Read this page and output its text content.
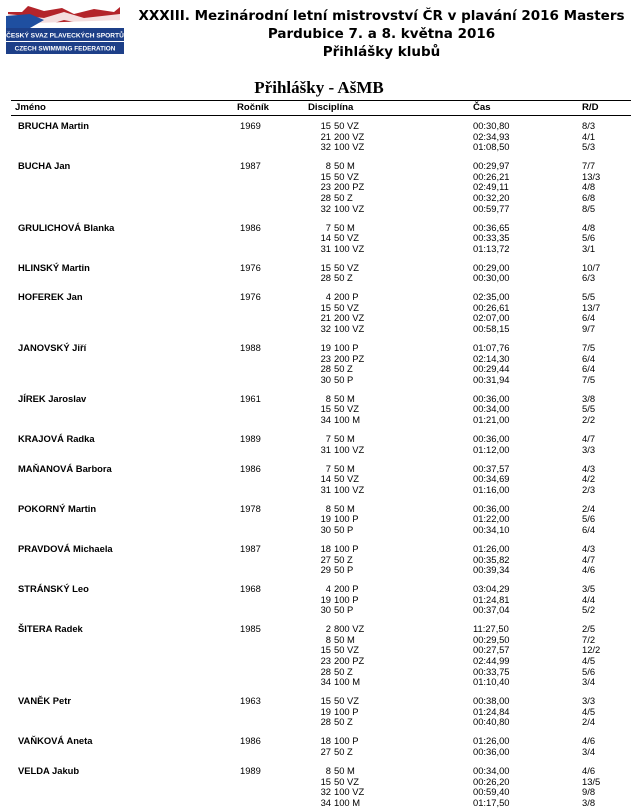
ČESKÝ SVAZ PLAVECKÝCH SPORTŮ
CZECH SWIMMING FEDERATION
XXXIII. Mezinárodní letní mistrovství ČR v plavání 2016 Masters
Pardubice 7. a 8. května 2016
Přihlášky klubů
Přihlášky - AšMB
Jméno	Ročník	Disciplína	Čas	R/D
BRUCHA Martin	1969	15 50 VZ	00:30,80	8/3
21 200 VZ	02:34,93	4/1
32 100 VZ	01:08,50	5/3
BUCHA Jan	1987	8 50 M	00:29,97	7/7
15 50 VZ	00:26,21	13/3
23 200 PZ	02:49,11	4/8
28 50 Z	00:32,20	6/8
32 100 VZ	00:59,77	8/5
GRULICHOVÁ Blanka	1986	7 50 M	00:36,65	4/8
14 50 VZ	00:33,35	5/6
31 100 VZ	01:13,72	3/1
HLINSKÝ Martin	1976	15 50 VZ	00:29,00	10/7
28 50 Z	00:30,00	6/3
HOFEREK Jan	1976	4 200 P	02:35,00	5/5
15 50 VZ	00:26,61	13/7
21 200 VZ	02:07,00	6/4
32 100 VZ	00:58,15	9/7
JANOVSKÝ Jiří	1988	19 100 P	01:07,76	7/5
23 200 PZ	02:14,30	6/4
28 50 Z	00:29,44	6/4
30 50 P	00:31,94	7/5
JÍREK Jaroslav	1961	8 50 M	00:36,00	3/8
15 50 VZ	00:34,00	5/5
34 100 M	01:21,00	2/2
KRAJOVÁ Radka	1989	7 50 M	00:36,00	4/7
31 100 VZ	01:12,00	3/3
MAŇANOVÁ Barbora	1986	7 50 M	00:37,57	4/3
14 50 VZ	00:34,69	4/2
31 100 VZ	01:16,00	2/3
POKORNÝ Martin	1978	8 50 M	00:36,00	2/4
19 100 P	01:22,00	5/6
30 50 P	00:34,10	6/4
PRAVDOVÁ Michaela	1987	18 100 P	01:26,00	4/3
27 50 Z	00:35,82	4/7
29 50 P	00:39,34	4/6
STRÁNSKÝ Leo	1968	4 200 P	03:04,29	3/5
19 100 P	01:24,81	4/4
30 50 P	00:37,04	5/2
ŠITERA Radek	1985	2 800 VZ	11:27,50	2/5
8 50 M	00:29,50	7/2
15 50 VZ	00:27,57	12/2
23 200 PZ	02:44,99	4/5
28 50 Z	00:33,75	5/6
34 100 M	01:10,40	3/4
VANĚK Petr	1963	15 50 VZ	00:38,00	3/3
19 100 P	01:24,84	4/5
28 50 Z	00:40,80	2/4
VAŇKOVÁ Aneta	1986	18 100 P	01:26,00	4/6
27 50 Z	00:36,00	3/4
VELDA Jakub	1989	8 50 M	00:34,00	4/6
15 50 VZ	00:26,20	13/5
32 100 VZ	00:59,40	9/8
34 100 M	01:17,50	3/8
